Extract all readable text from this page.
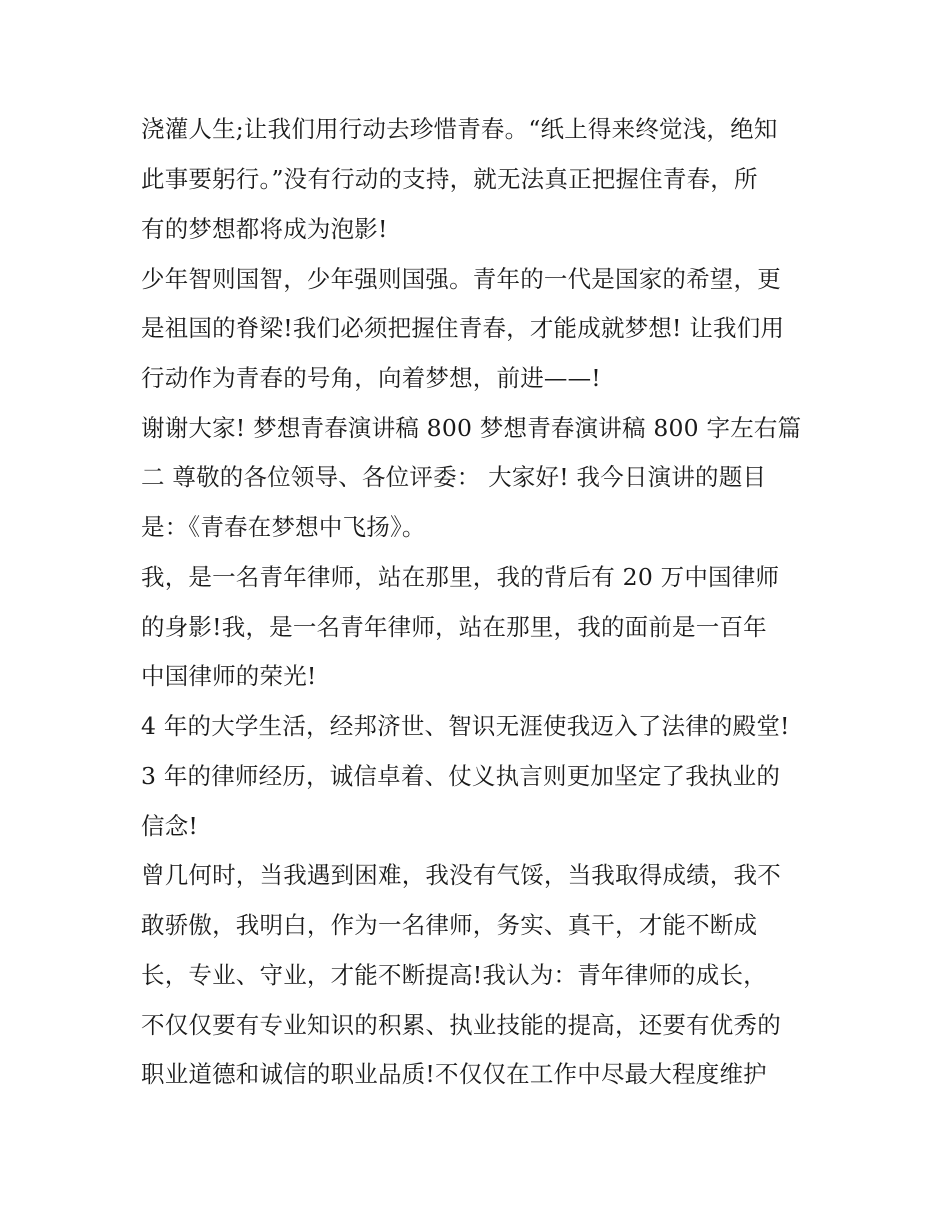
浇灌人生;让我们用行动去珍惜青春。“纸上得来终觉浅，绝知
此事要躬行。”没有行动的支持，就无法真正把握住青春，所
有的梦想都将成为泡影!
少年智则国智，少年强则国强。青年的一代是国家的希望，更
是祖国的脊梁!我们必须把握住青春，才能成就梦想! 让我们用
行动作为青春的号角，向着梦想，前进——!
谢谢大家! 梦想青春演讲稿 800 梦想青春演讲稿 800 字左右篇
二 尊敬的各位领导、各位评委： 大家好! 我今日演讲的题目
是：《青春在梦想中飞扬》。
我，是一名青年律师，站在那里，我的背后有 20 万中国律师
的身影!我，是一名青年律师，站在那里，我的面前是一百年
中国律师的荣光!
4 年的大学生活，经邦济世、智识无涯使我迈入了法律的殿堂!
3 年的律师经历，诚信卓着、仗义执言则更加坚定了我执业的
信念!
曾几何时，当我遇到困难，我没有气馁，当我取得成绩，我不
敢骄傲，我明白，作为一名律师，务实、真干，才能不断成
长，专业、守业，才能不断提高!我认为：青年律师的成长，
不仅仅要有专业知识的积累、执业技能的提高，还要有优秀的
职业道德和诚信的职业品质!不仅仅在工作中尽最大程度维护
